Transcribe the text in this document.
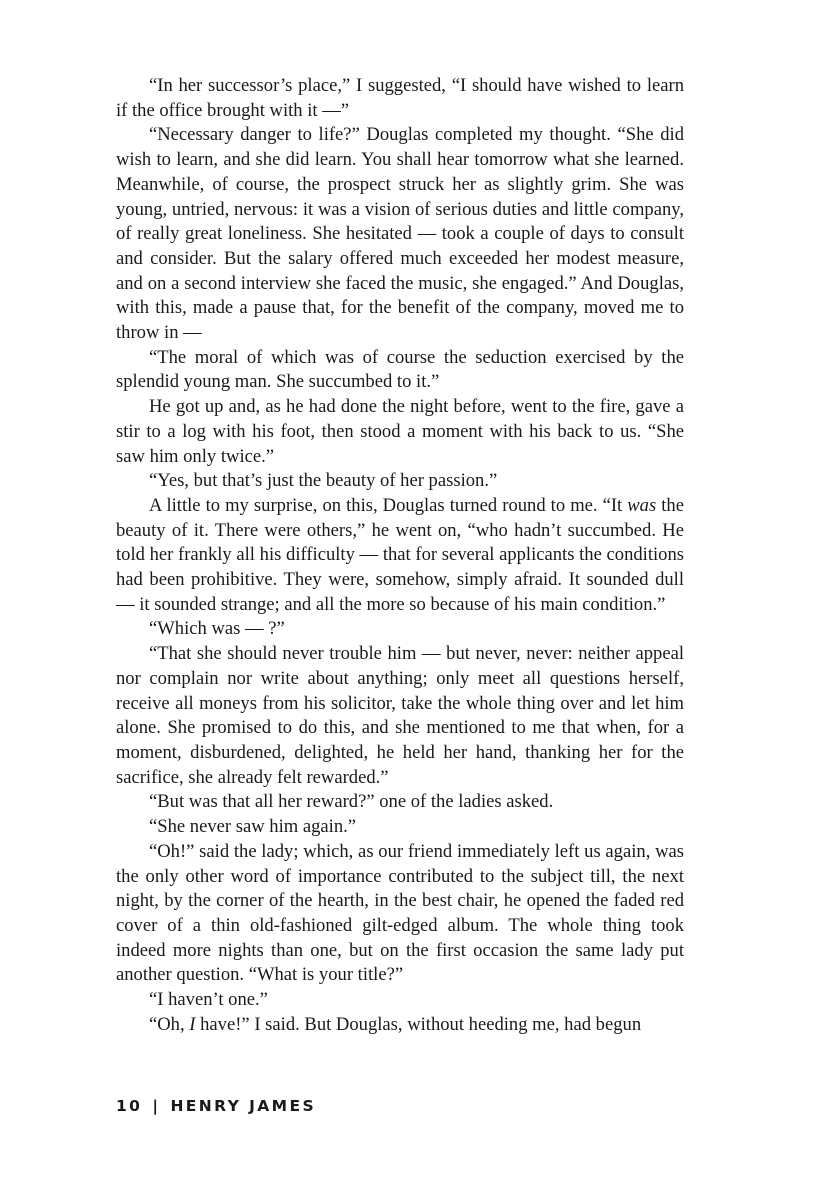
“In her successor’s place,” I suggested, “I should have wished to learn if the office brought with it —”

“Necessary danger to life?” Douglas completed my thought. “She did wish to learn, and she did learn. You shall hear tomorrow what she learned. Meanwhile, of course, the prospect struck her as slightly grim. She was young, untried, nervous: it was a vision of serious duties and little company, of really great loneliness. She hesitated — took a couple of days to consult and consider. But the salary offered much exceeded her modest measure, and on a second interview she faced the music, she engaged.” And Douglas, with this, made a pause that, for the benefit of the company, moved me to throw in —

“The moral of which was of course the seduction exercised by the splendid young man. She succumbed to it.”

He got up and, as he had done the night before, went to the fire, gave a stir to a log with his foot, then stood a moment with his back to us. “She saw him only twice.”

“Yes, but that’s just the beauty of her passion.”

A little to my surprise, on this, Douglas turned round to me. “It was the beauty of it. There were others,” he went on, “who hadn’t succumbed. He told her frankly all his difficulty — that for several applicants the conditions had been prohibitive. They were, somehow, simply afraid. It sounded dull — it sounded strange; and all the more so because of his main condition.”

“Which was — ?”

“That she should never trouble him — but never, never: neither appeal nor complain nor write about anything; only meet all questions herself, receive all moneys from his solicitor, take the whole thing over and let him alone. She promised to do this, and she mentioned to me that when, for a moment, disburdened, delighted, he held her hand, thanking her for the sacrifice, she already felt rewarded.”

“But was that all her reward?” one of the ladies asked.

“She never saw him again.”

“Oh!” said the lady; which, as our friend immediately left us again, was the only other word of importance contributed to the subject till, the next night, by the corner of the hearth, in the best chair, he opened the faded red cover of a thin old-fashioned gilt-edged album. The whole thing took indeed more nights than one, but on the first occasion the same lady put another question. “What is your title?”

“I haven’t one.”

“Oh, I have!” I said. But Douglas, without heeding me, had begun

10 | HENRY JAMES
